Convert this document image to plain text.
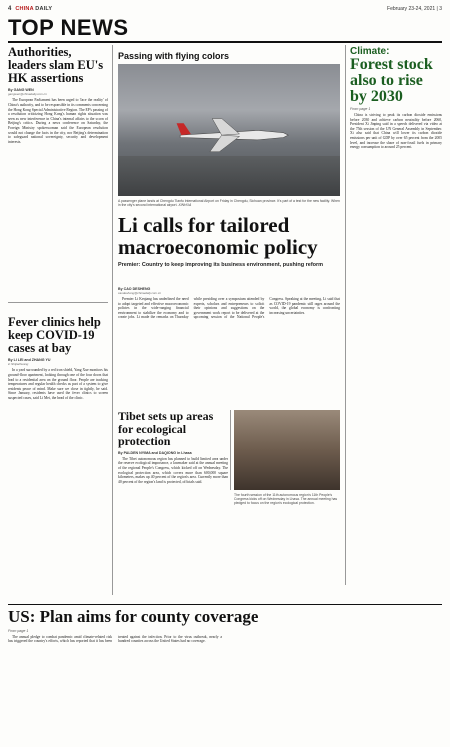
4 CHINA DAILY	February 23-24, 2021 | 3
TOP NEWS
Authorities, leaders slam EU's HK assertions
By GANG WEN
gangwen@chinadaily.com.cn

The European Parliament has been urged to 'face the reality' of China's authority, and to be responsible in its comments concerning the Hong Kong Special Administrative Region. The EP's passing of a resolution criticizing Hong Kong's human rights situation was seen as new interference in China's internal affairs to the scorn of Beijing's critics. During a news conference on Saturday, the Foreign Ministry spokeswoman said the European resolution would not change the facts in the city, nor Beijing's determination to safeguard national sovereignty, security and development interests.

Fever clinics help keep COVID-19 cases at bay
By LI LEI and ZHANG YU
in Shijiazhuang

In a yard surrounded by a red iron shield, Yang Xue monitors his ground-floor apartment, looking through one of the four doors that lead to a residential area on the ground floor. People are tracking temperatures and regular health checks as part of a system to give residents peace of mind. Make sure we close in tightly, he said. Since January, residents have used the fever clinics to screen suspected cases, said Li Mei, the head of the clinic.

Passing with flying colors
A passenger plane lands at Chengdu Tianfu International Airport on Friday in Chengdu, Sichuan province. It's part of a test for the new facility. When in the city's second international airport. XINHUA
Li calls for tailored macroeconomic policy
Premier: Country to keep improving its business environment, pushing reform
By CAO DESHENG
caodesheng@chinadaily.com.cn

Premier Li Keqiang has underlined the need to adopt targeted and effective macroeconomic policies in the wide-ranging financial environment to stabilize the economy and to create jobs. Li made the remarks on Thursday while presiding over a symposium attended by experts, scholars and entrepreneurs to solicit their opinions and suggestions on the government work report to be delivered at the upcoming session of the National People's Congress. Speaking at the meeting, Li said that as COVID-19 pandemic still rages around the world, the global economy is confronting increasing uncertainties.

Tibet sets up areas for ecological protection
By PALDEN NYIMA and DAQIONG in Lhasa

The Tibet autonomous region has planned to build limited area under the reserve ecological importance, a lawmaker said at the annual meeting of the regional People's Congress, which kicked off on Wednesday. The ecological protection area, which covers more than 600,000 square kilometers, makes up 40 percent of the region's area. Currently more than 40 percent of the region's land is protected, officials said.

The fourth session of the 11th autonomous region's 11th People's Congress kicks off on Wednesday in Lhasa. The annual meeting has pledged to focus on the region's ecological protection.
Climate:
Forest stock also to rise by 2030
From page 1

China is striving to peak its carbon dioxide emissions before 2030 and achieve carbon neutrality before 2060, President Xi Jinping said in a speech delivered via video at the 75th session of the UN General Assembly in September. Xi also said that China will lower its carbon dioxide emissions per unit of GDP by over 65 percent from the 2005 level, and increase the share of non-fossil fuels in primary energy consumption to around 25 percent.

US: Plan aims for county coverage
From page 1

The annual pledge to combat pandemic amid climate-related risk has triggered the country's efforts, which has reported that it has been treated against the infection. Prior to the virus outbreak, nearly a hundred counties across the United States had no coverage.
